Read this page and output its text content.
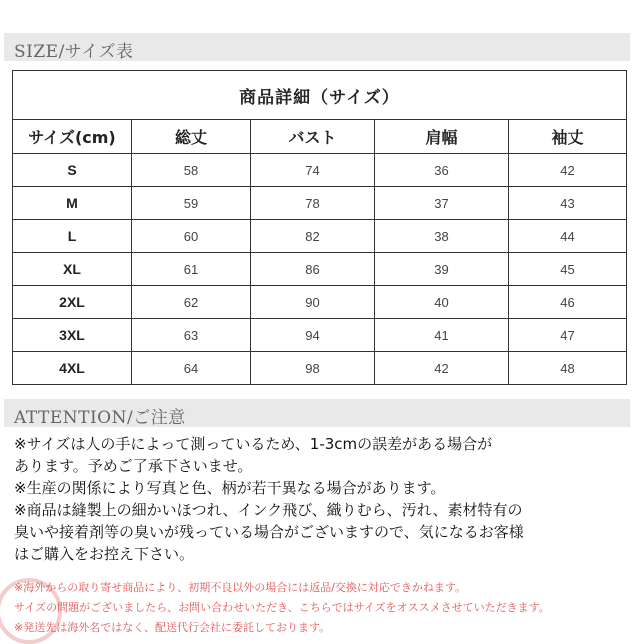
SIZE/サイズ表
商品詳細（サイズ）				
サイズ(cm)	総丈	バスト	肩幅	袖丈
S	58	74	36	42
M	59	78	37	43
L	60	82	38	44
XL	61	86	39	45
2XL	62	90	40	46
3XL	63	94	41	47
4XL	64	98	42	48
ATTENTION/ご注意
※サイズは人の手によって測っているため、1-3cmの誤差がある場合が
あります。予めご了承下さいませ。
※生産の関係により写真と色、柄が若干異なる場合があります。
※商品は縫製上の細かいほつれ、インク飛び、織りむら、汚れ、素材特有の
臭いや接着剤等の臭いが残っている場合がございますので、気になるお客様
はご購入をお控え下さい。
※海外からの取り寄せ商品により、初期不良以外の場合には返品/交換に対応できかねます。
サイズの問題がございましたら、お問い合わせいただき、こちらではサイズをオススメさせていただきます。
※発送先は海外名ではなく、配送代行会社に委託しております。
